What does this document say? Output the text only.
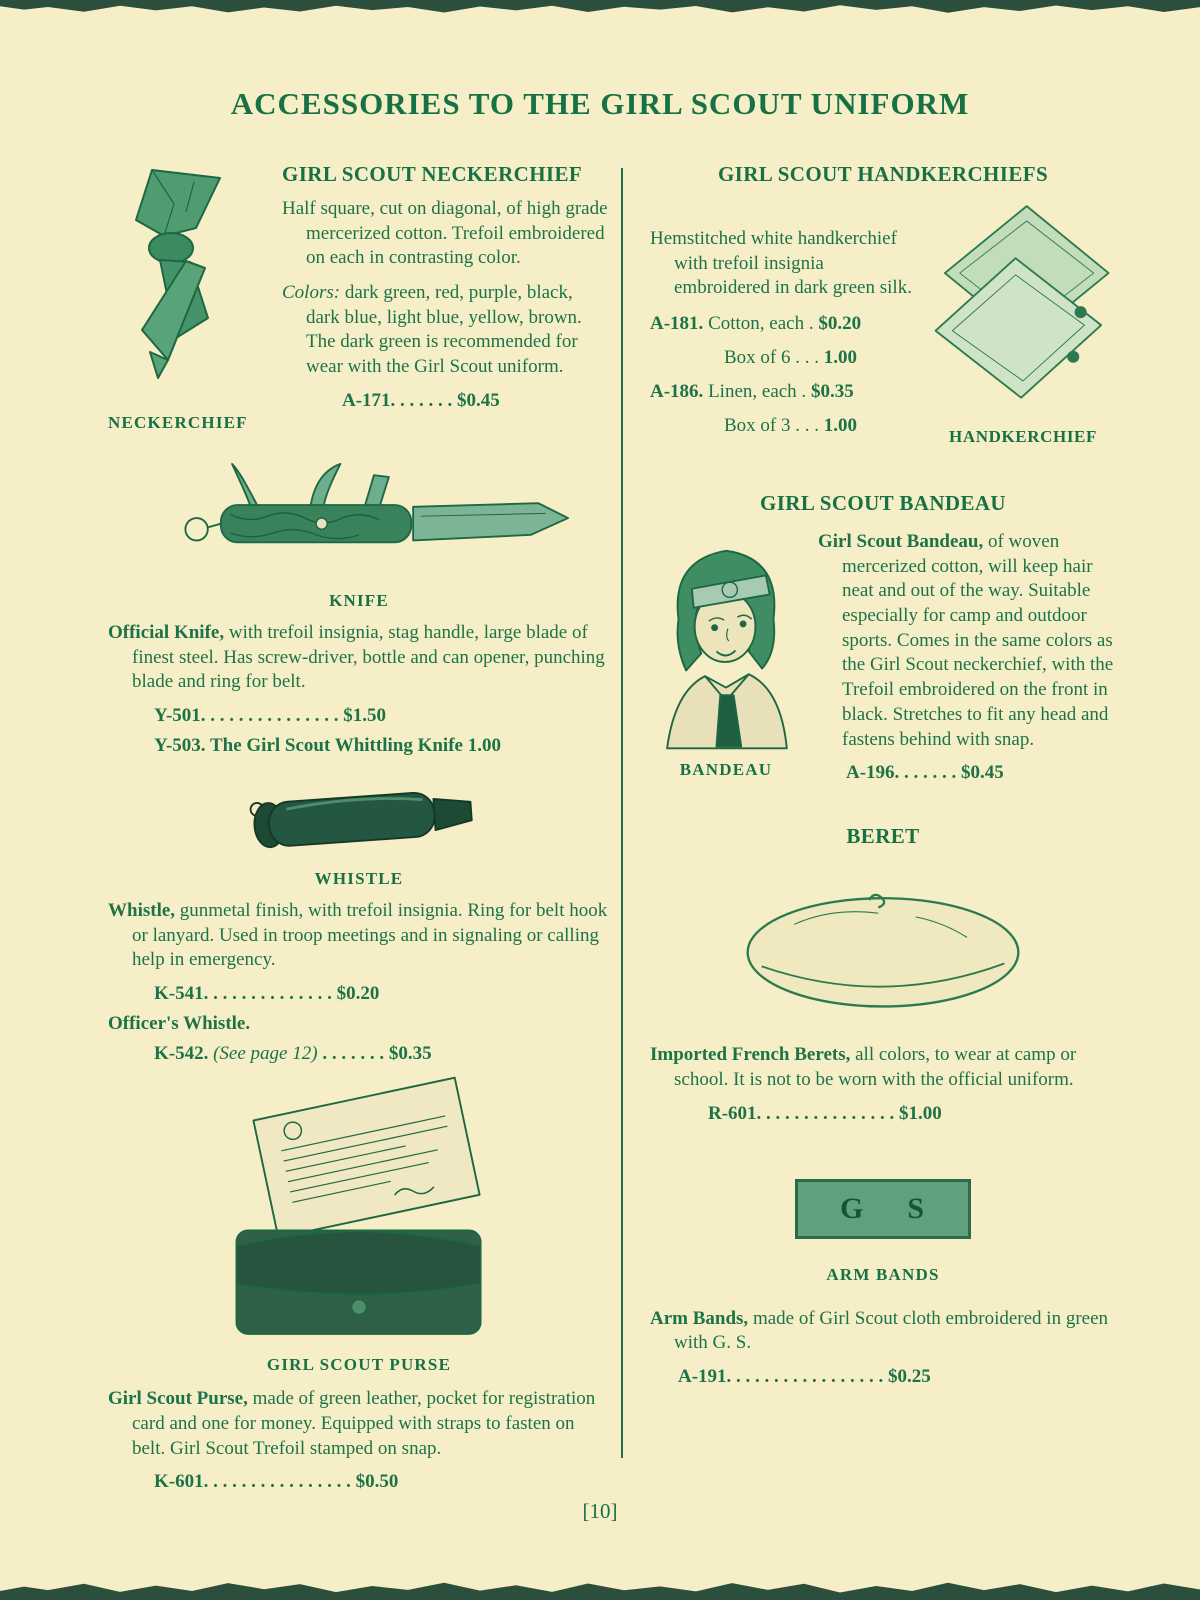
ACCESSORIES TO THE GIRL SCOUT UNIFORM
NECKERCHIEF
GIRL SCOUT NECKERCHIEF

Half square, cut on diagonal, of high grade mercerized cotton. Trefoil embroidered on each in contrasting color.

Colors: dark green, red, purple, black, dark blue, light blue, yellow, brown. The dark green is recommended for wear with the Girl Scout uniform.

A-171. . . . . . . $0.45
KNIFE

Official Knife, with trefoil insignia, stag handle, large blade of finest steel. Has screw-driver, bottle and can opener, punching blade and ring for belt.

Y-501. . . . . . . . . . . . . . . $1.50
Y-503. The Girl Scout Whittling Knife 1.00
WHISTLE

Whistle, gunmetal finish, with trefoil insignia. Ring for belt hook or lanyard. Used in troop meetings and in signaling or calling help in emergency.

K-541. . . . . . . . . . . . . . $0.20
Officer's Whistle.
K-542. (See page 12) . . . . . . . $0.35
GIRL SCOUT PURSE

Girl Scout Purse, made of green leather, pocket for registration card and one for money. Equipped with straps to fasten on belt. Girl Scout Trefoil stamped on snap.

K-601. . . . . . . . . . . . . . . . $0.50
GIRL SCOUT HANDKERCHIEFS

Hemstitched white handkerchief with trefoil insignia embroidered in dark green silk.

A-181. Cotton, each . $0.20
Box of 6 . . . 1.00
A-186. Linen, each . $0.35
Box of 3 . . . 1.00
HANDKERCHIEF
GIRL SCOUT BANDEAU
BANDEAU

Girl Scout Bandeau, of woven mercerized cotton, will keep hair neat and out of the way. Suitable especially for camp and outdoor sports. Comes in the same colors as the Girl Scout neckerchief, with the Trefoil embroidered on the front in black. Stretches to fit any head and fastens behind with snap.

A-196. . . . . . . $0.45
BERET

Imported French Berets, all colors, to wear at camp or school. It is not to be worn with the official uniform.

R-601. . . . . . . . . . . . . . . $1.00
G S
ARM BANDS

Arm Bands, made of Girl Scout cloth embroidered in green with G. S.

A-191. . . . . . . . . . . . . . . . . $0.25
[10]
